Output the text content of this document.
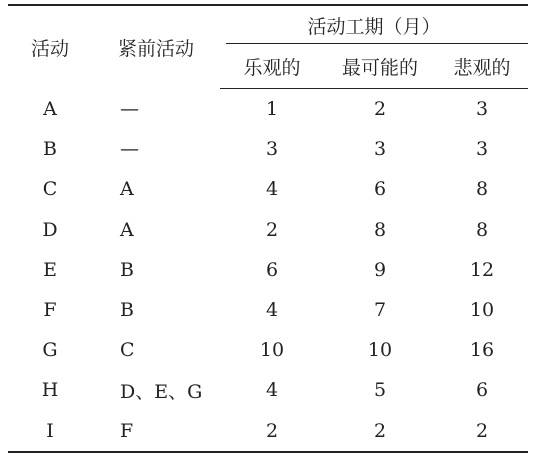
活动	紧前活动	活动工期（月）		

		乐观的	最可能的	悲观的
A	—	1	2	3
B	—	3	3	3
C	A	4	6	8
D	A	2	8	8
E	B	6	9	12
F	B	4	7	10
G	C	10	10	16
H	D、E、G	4	5	6
I	F	2	2	2
